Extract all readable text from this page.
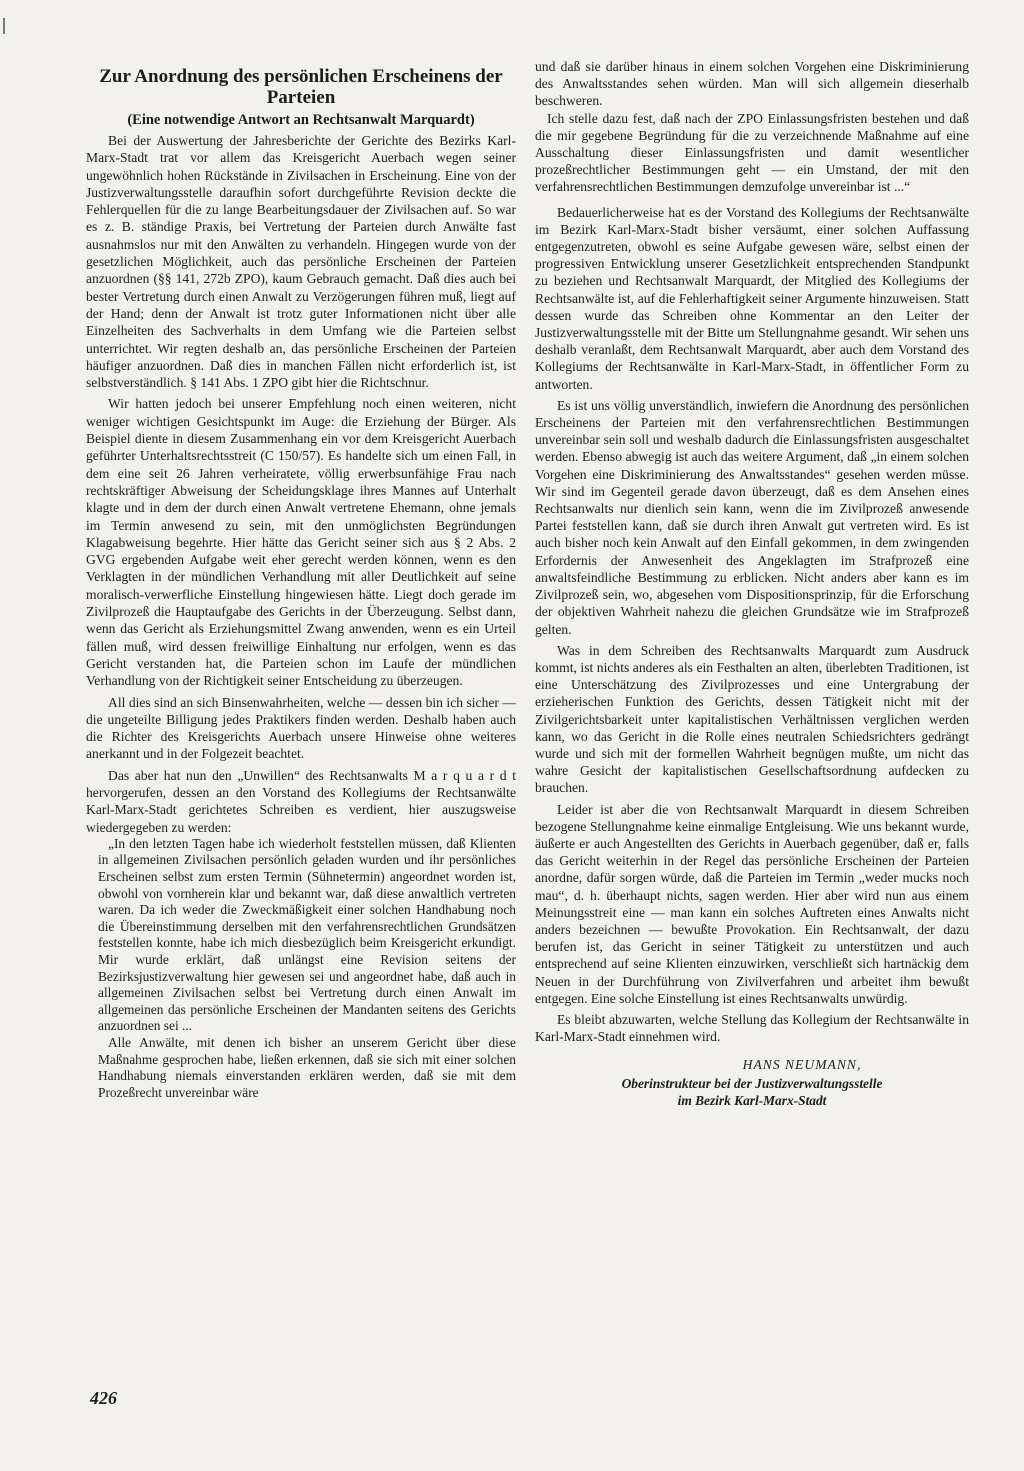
Zur Anordnung des persönlichen Erscheinens der Parteien
(Eine notwendige Antwort an Rechtsanwalt Marquardt)

Bei der Auswertung der Jahresberichte der Gerichte des Bezirks Karl-Marx-Stadt trat vor allem das Kreisgericht Auerbach wegen seiner ungewöhnlich hohen Rückstände in Zivilsachen in Erscheinung. Eine von der Justizverwaltungsstelle daraufhin sofort durchgeführte Revision deckte die Fehlerquellen für die zu lange Bearbeitungsdauer der Zivilsachen auf. So war es z. B. ständige Praxis, bei Vertretung der Parteien durch Anwälte fast ausnahmslos nur mit den Anwälten zu verhandeln. Hingegen wurde von der gesetzlichen Möglichkeit, auch das persönliche Erscheinen der Parteien anzuordnen (§§ 141, 272b ZPO), kaum Gebrauch gemacht. Daß dies auch bei bester Vertretung durch einen Anwalt zu Verzögerungen führen muß, liegt auf der Hand; denn der Anwalt ist trotz guter Informationen nicht über alle Einzelheiten des Sachverhalts in dem Umfang wie die Parteien selbst unterrichtet. Wir regten deshalb an, das persönliche Erscheinen der Parteien häufiger anzuordnen. Daß dies in manchen Fällen nicht erforderlich ist, ist selbstverständlich. § 141 Abs. 1 ZPO gibt hier die Richtschnur.

Wir hatten jedoch bei unserer Empfehlung noch einen weiteren, nicht weniger wichtigen Gesichtspunkt im Auge: die Erziehung der Bürger. Als Beispiel diente in diesem Zusammenhang ein vor dem Kreisgericht Auerbach geführter Unterhaltsrechtsstreit (C 150/57). Es handelte sich um einen Fall, in dem eine seit 26 Jahren verheiratete, völlig erwerbsunfähige Frau nach rechtskräftiger Abweisung der Scheidungsklage ihres Mannes auf Unterhalt klagte und in dem der durch einen Anwalt vertretene Ehemann, ohne jemals im Termin anwesend zu sein, mit den unmöglichsten Begründungen Klagabweisung begehrte. Hier hätte das Gericht seiner sich aus § 2 Abs. 2 GVG ergebenden Aufgabe weit eher gerecht werden können, wenn es den Verklagten in der mündlichen Verhandlung mit aller Deutlichkeit auf seine moralisch-verwerfliche Einstellung hingewiesen hätte. Liegt doch gerade im Zivilprozeß die Hauptaufgabe des Gerichts in der Überzeugung. Selbst dann, wenn das Gericht als Erziehungsmittel Zwang anwenden, wenn es ein Urteil fällen muß, wird dessen freiwillige Einhaltung nur erfolgen, wenn es das Gericht verstanden hat, die Parteien schon im Laufe der mündlichen Verhandlung von der Richtigkeit seiner Entscheidung zu überzeugen.

All dies sind an sich Binsenwahrheiten, welche — dessen bin ich sicher — die ungeteilte Billigung jedes Praktikers finden werden. Deshalb haben auch die Richter des Kreisgerichts Auerbach unsere Hinweise ohne weiteres anerkannt und in der Folgezeit beachtet.

Das aber hat nun den „Unwillen“ des Rechtsanwalts M a r q u a r d t hervorgerufen, dessen an den Vorstand des Kollegiums der Rechtsanwälte Karl-Marx-Stadt gerichtetes Schreiben es verdient, hier auszugsweise wiedergegeben zu werden:

„In den letzten Tagen habe ich wiederholt feststellen müssen, daß Klienten in allgemeinen Zivilsachen persönlich geladen wurden und ihr persönliches Erscheinen selbst zum ersten Termin (Sühnetermin) angeordnet worden ist, obwohl von vornherein klar und bekannt war, daß diese anwaltlich vertreten waren. Da ich weder die Zweckmäßigkeit einer solchen Handhabung noch die Übereinstimmung derselben mit den verfahrensrechtlichen Grundsätzen feststellen konnte, habe ich mich diesbezüglich beim Kreisgericht erkundigt. Mir wurde erklärt, daß unlängst eine Revision seitens der Bezirksjustizverwaltung hier gewesen sei und angeordnet habe, daß auch in allgemeinen Zivilsachen selbst bei Vertretung durch einen Anwalt im allgemeinen das persönliche Erscheinen der Mandanten seitens des Gerichts anzuordnen sei ...

Alle Anwälte, mit denen ich bisher an unserem Gericht über diese Maßnahme gesprochen habe, ließen erkennen, daß sie sich mit einer solchen Handhabung niemals einverstanden erklären werden, daß sie mit dem Prozeßrecht unvereinbar wäre

und daß sie darüber hinaus in einem solchen Vorgehen eine Diskriminierung des Anwaltsstandes sehen würden. Man will sich allgemein dieserhalb beschweren.

Ich stelle dazu fest, daß nach der ZPO Einlassungsfristen bestehen und daß die mir gegebene Begründung für die zu verzeichnende Maßnahme auf eine Ausschaltung dieser Einlassungsfristen und damit wesentlicher prozeßrechtlicher Bestimmungen geht — ein Umstand, der mit den verfahrensrechtlichen Bestimmungen demzufolge unvereinbar ist ...“

Bedauerlicherweise hat es der Vorstand des Kollegiums der Rechtsanwälte im Bezirk Karl-Marx-Stadt bisher versäumt, einer solchen Auffassung entgegenzutreten, obwohl es seine Aufgabe gewesen wäre, selbst einen der progressiven Entwicklung unserer Gesetzlichkeit entsprechenden Standpunkt zu beziehen und Rechtsanwalt Marquardt, der Mitglied des Kollegiums der Rechtsanwälte ist, auf die Fehlerhaftigkeit seiner Argumente hinzuweisen. Statt dessen wurde das Schreiben ohne Kommentar an den Leiter der Justizverwaltungsstelle mit der Bitte um Stellungnahme gesandt. Wir sehen uns deshalb veranlaßt, dem Rechtsanwalt Marquardt, aber auch dem Vorstand des Kollegiums der Rechtsanwälte in Karl-Marx-Stadt, in öffentlicher Form zu antworten.

Es ist uns völlig unverständlich, inwiefern die Anordnung des persönlichen Erscheinens der Parteien mit den verfahrensrechtlichen Bestimmungen unvereinbar sein soll und weshalb dadurch die Einlassungsfristen ausgeschaltet werden. Ebenso abwegig ist auch das weitere Argument, daß „in einem solchen Vorgehen eine Diskriminierung des Anwaltsstandes“ gesehen werden müsse. Wir sind im Gegenteil gerade davon überzeugt, daß es dem Ansehen eines Rechtsanwalts nur dienlich sein kann, wenn die im Zivilprozeß anwesende Partei feststellen kann, daß sie durch ihren Anwalt gut vertreten wird. Es ist auch bisher noch kein Anwalt auf den Einfall gekommen, in dem zwingenden Erfordernis der Anwesenheit des Angeklagten im Strafprozeß eine anwaltsfeindliche Bestimmung zu erblicken. Nicht anders aber kann es im Zivilprozeß sein, wo, abgesehen vom Dispositionsprinzip, für die Erforschung der objektiven Wahrheit nahezu die gleichen Grundsätze wie im Strafprozeß gelten.

Was in dem Schreiben des Rechtsanwalts Marquardt zum Ausdruck kommt, ist nichts anderes als ein Festhalten an alten, überlebten Traditionen, ist eine Unterschätzung des Zivilprozesses und eine Untergrabung der erzieherischen Funktion des Gerichts, dessen Tätigkeit nicht mit der Zivilgerichtsbarkeit unter kapitalistischen Verhältnissen verglichen werden kann, wo das Gericht in die Rolle eines neutralen Schiedsrichters gedrängt wurde und sich mit der formellen Wahrheit begnügen mußte, um nicht das wahre Gesicht der kapitalistischen Gesellschaftsordnung aufdecken zu brauchen.

Leider ist aber die von Rechtsanwalt Marquardt in diesem Schreiben bezogene Stellungnahme keine einmalige Entgleisung. Wie uns bekannt wurde, äußerte er auch Angestellten des Gerichts in Auerbach gegenüber, daß er, falls das Gericht weiterhin in der Regel das persönliche Erscheinen der Parteien anordne, dafür sorgen würde, daß die Parteien im Termin „weder mucks noch mau“, d. h. überhaupt nichts, sagen werden. Hier aber wird nun aus einem Meinungsstreit eine — man kann ein solches Auftreten eines Anwalts nicht anders bezeichnen — bewußte Provokation. Ein Rechtsanwalt, der dazu berufen ist, das Gericht in seiner Tätigkeit zu unterstützen und auch entsprechend auf seine Klienten einzuwirken, verschließt sich hartnäckig dem Neuen in der Durchführung von Zivilverfahren und arbeitet ihm bewußt entgegen. Eine solche Einstellung ist eines Rechtsanwalts unwürdig.

Es bleibt abzuwarten, welche Stellung das Kollegium der Rechtsanwälte in Karl-Marx-Stadt einnehmen wird.

HANS NEUMANN,
Oberinstrukteur bei der Justizverwaltungsstelle
im Bezirk Karl-Marx-Stadt
426
